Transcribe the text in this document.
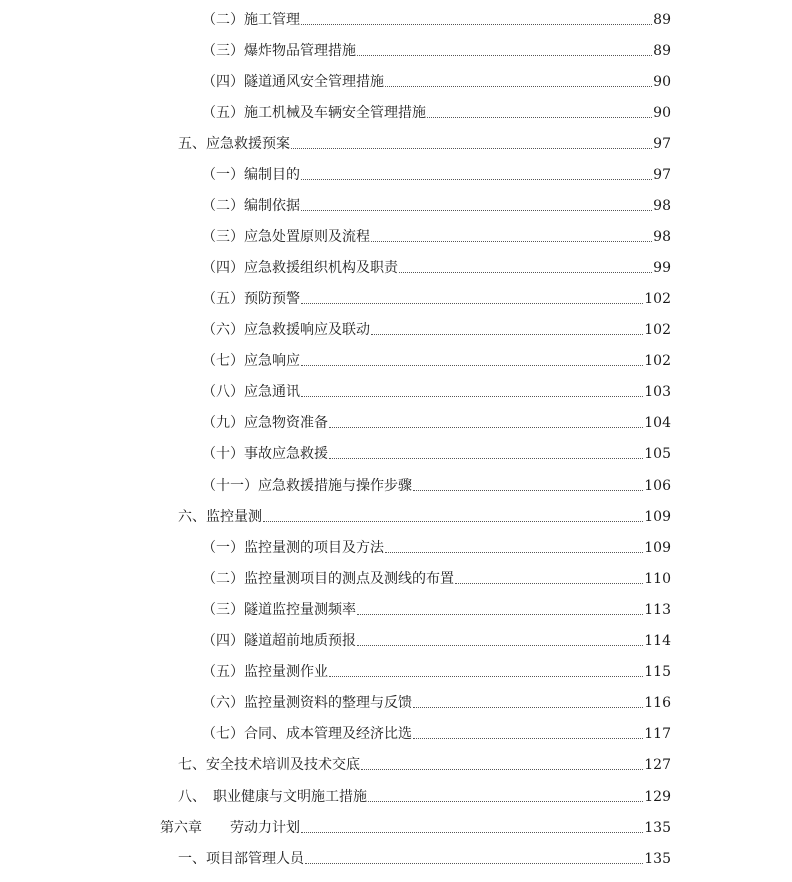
（二）施工管理	89
（三）爆炸物品管理措施	89
（四）隧道通风安全管理措施	90
（五）施工机械及车辆安全管理措施	90
五、应急救援预案	97
（一）编制目的	97
（二）编制依据	98
（三）应急处置原则及流程	98
（四）应急救援组织机构及职责	99
（五）预防预警	102
（六）应急救援响应及联动	102
（七）应急响应	102
（八）应急通讯	103
（九）应急物资准备	104
（十）事故应急救援	105
（十一）应急救援措施与操作步骤	106
六、监控量测	109
（一）监控量测的项目及方法	109
（二）监控量测项目的测点及测线的布置	110
（三）隧道监控量测频率	113
（四）隧道超前地质预报	114
（五）监控量测作业	115
（六）监控量测资料的整理与反馈	116
（七）合同、成本管理及经济比选	117
七、安全技术培训及技术交底	127
八、　职业健康与文明施工措施	129
第六章　　劳动力计划	135
一、项目部管理人员	135
